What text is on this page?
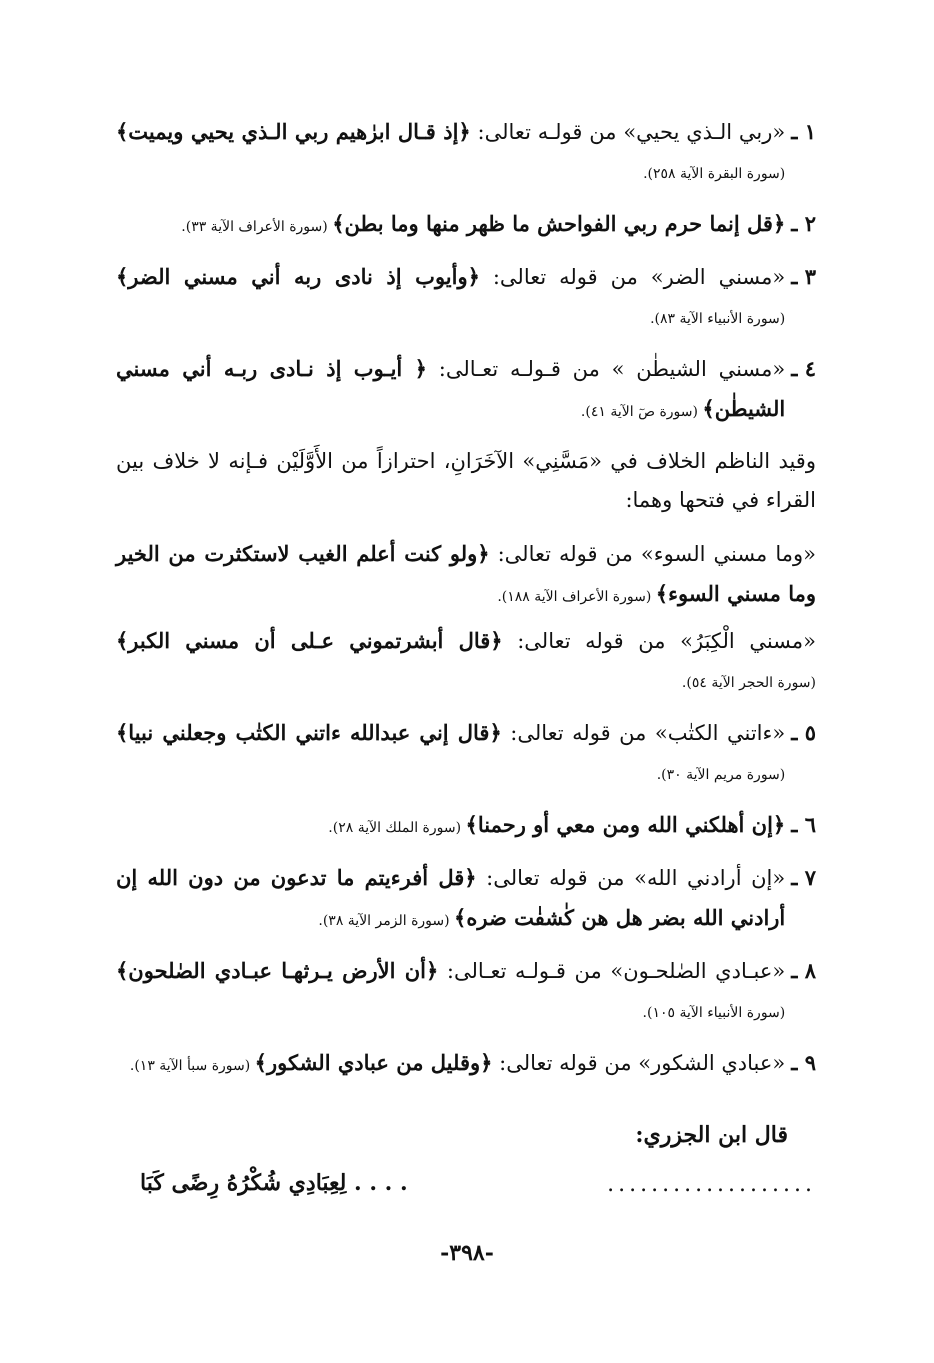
١ ـ
«ربي الـذي يحيي» من قولـه تعالى: ﴿إذ قـال ابرٰهيم ربي الـذي يحيي ويميت﴾ (سورة البقرة الآية ٢٥٨).
٢ ـ
﴿قل إنما حرم ربي الفواحش ما ظهر منها وما بطن﴾ (سورة الأعراف الآية ٣٣).
٣ ـ
«مسني الضر» من قوله تعالى: ﴿وأيوب إذ نادى ربه أني مسني الضر﴾ (سورة الأنبياء الآية ٨٣).
٤ ـ
«مسني الشيطٰن » من قـولـه تعـالى: ﴿ أيـوب إذ نـادى ربـه أني مسني الشيطٰن﴾ (سورة صٓ الآية ٤١).

وقيد الناظم الخلاف في «مَسَّنِي» الآخَرَانِ، احترازاً من الأَوَّلَيْن فـإنه لا خلاف بين القراء في فتحها وهما:

«وما مسني السوء» من قوله تعالى: ﴿ولو كنت أعلم الغيب لاستكثرت من الخير وما مسني السوء﴾ (سورة الأعراف الآية ١٨٨).

«مسني الْكِبَرُ» من قوله تعالى: ﴿قال أبشرتموني عـلى أن مسني الكبر﴾ (سورة الحجر الآية ٥٤).

٥ ـ
«ءاتني الكتٰب» من قوله تعالى: ﴿قال إني عبدالله ءاتني الكتٰب وجعلني نبيا﴾ (سورة مريم الآية ٣٠).
٦ ـ
﴿إن أهلكني الله ومن معي أو رحمنا﴾ (سورة الملك الآية ٢٨).
٧ ـ
«إن أرادني الله» من قوله تعالى: ﴿قل أفرءيتم ما تدعون من دون الله إن أرادني الله بضر هل هن كٰشفٰت ضره﴾ (سورة الزمر الآية ٣٨).
٨ ـ
«عبـادي الصٰلحـون» من قـولـه تعـالى: ﴿أن الأرض يـرثهـا عبـادي الصٰلحون﴾ (سورة الأنبياء الآية ١٠٥).
٩ ـ
«عبادي الشكور» من قوله تعالى: ﴿وقليل من عبادي الشكور﴾ (سورة سبأ الآية ١٣).
قال ابن الجزري:
...................
. . . . لِعِبَادِي شُكْرُهُ رِضًى كَبَا
-٣٩٨-
